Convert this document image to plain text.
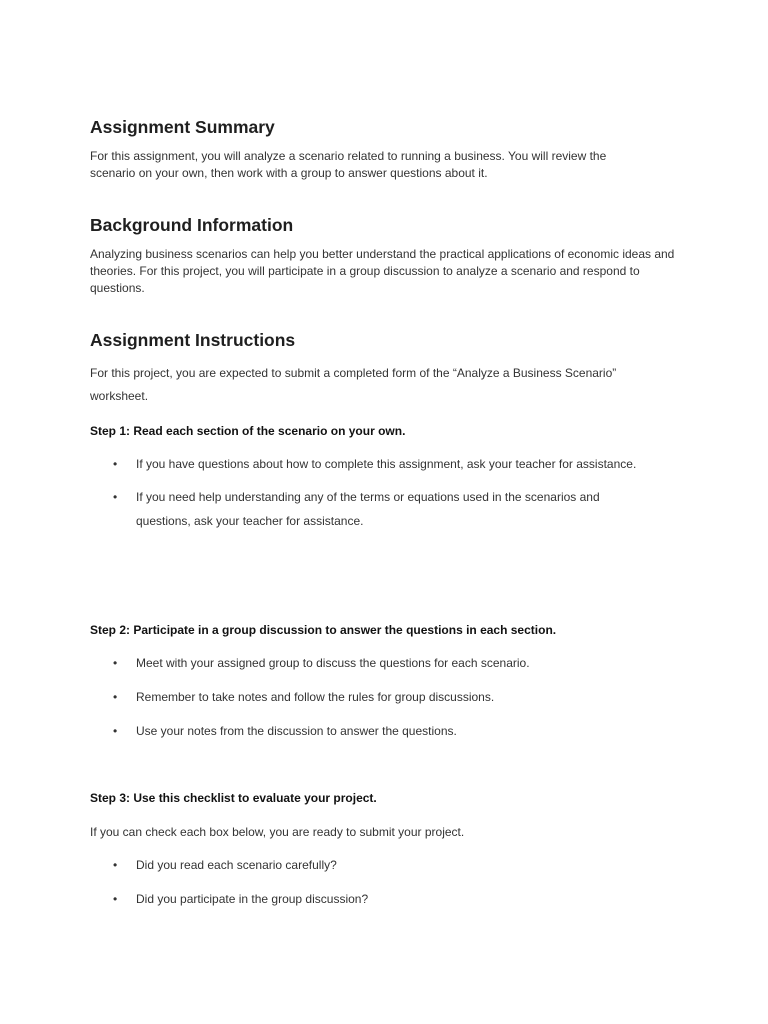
Assignment Summary

For this assignment, you will analyze a scenario related to running a business. You will review the scenario on your own, then work with a group to answer questions about it.

Background Information

Analyzing business scenarios can help you better understand the practical applications of economic ideas and theories. For this project, you will participate in a group discussion to analyze a scenario and respond to questions.

Assignment Instructions

For this project, you are expected to submit a completed form of the “Analyze a Business Scenario” worksheet.

Step 1: Read each section of the scenario on your own.

• If you have questions about how to complete this assignment, ask your teacher for assistance.
• If you need help understanding any of the terms or equations used in the scenarios and questions, ask your teacher for assistance.

Step 2: Participate in a group discussion to answer the questions in each section.

• Meet with your assigned group to discuss the questions for each scenario.
• Remember to take notes and follow the rules for group discussions.
• Use your notes from the discussion to answer the questions.

Step 3: Use this checklist to evaluate your project.

If you can check each box below, you are ready to submit your project.

• Did you read each scenario carefully?
• Did you participate in the group discussion?
